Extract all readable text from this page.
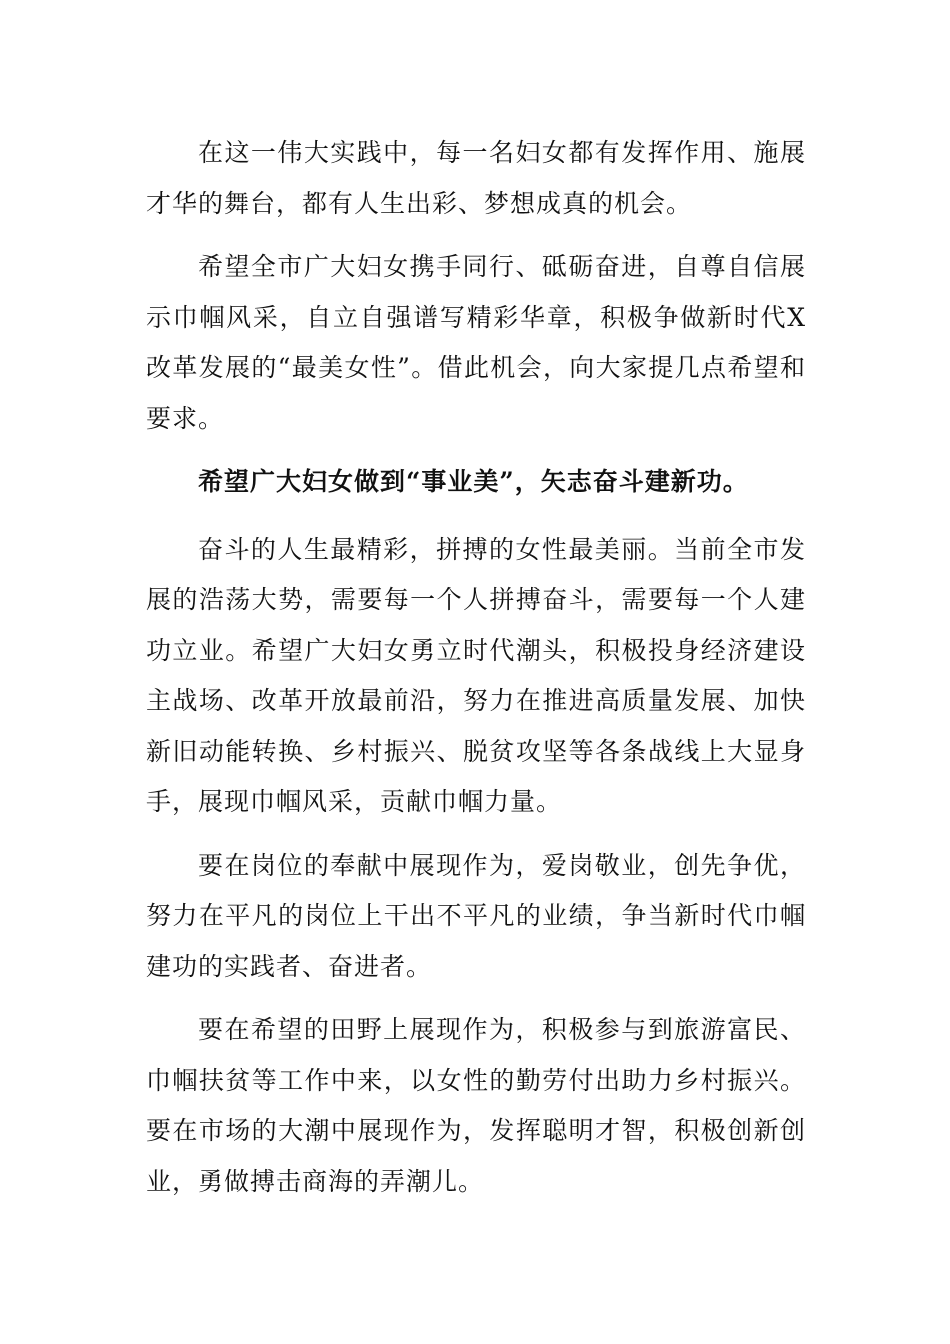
在这一伟大实践中，每一名妇女都有发挥作用、施展才华的舞台，都有人生出彩、梦想成真的机会。

希望全市广大妇女携手同行、砥砺奋进，自尊自信展示巾帼风采，自立自强谱写精彩华章，积极争做新时代X改革发展的“最美女性”。借此机会，向大家提几点希望和要求。

希望广大妇女做到“事业美”，矢志奋斗建新功。

奋斗的人生最精彩，拼搏的女性最美丽。当前全市发展的浩荡大势，需要每一个人拼搏奋斗，需要每一个人建功立业。希望广大妇女勇立时代潮头，积极投身经济建设主战场、改革开放最前沿，努力在推进高质量发展、加快新旧动能转换、乡村振兴、脱贫攻坚等各条战线上大显身手，展现巾帼风采，贡献巾帼力量。

要在岗位的奉献中展现作为，爱岗敬业，创先争优，努力在平凡的岗位上干出不平凡的业绩，争当新时代巾帼建功的实践者、奋进者。

要在希望的田野上展现作为，积极参与到旅游富民、巾帼扶贫等工作中来，以女性的勤劳付出助力乡村振兴。要在市场的大潮中展现作为，发挥聪明才智，积极创新创业，勇做搏击商海的弄潮儿。
